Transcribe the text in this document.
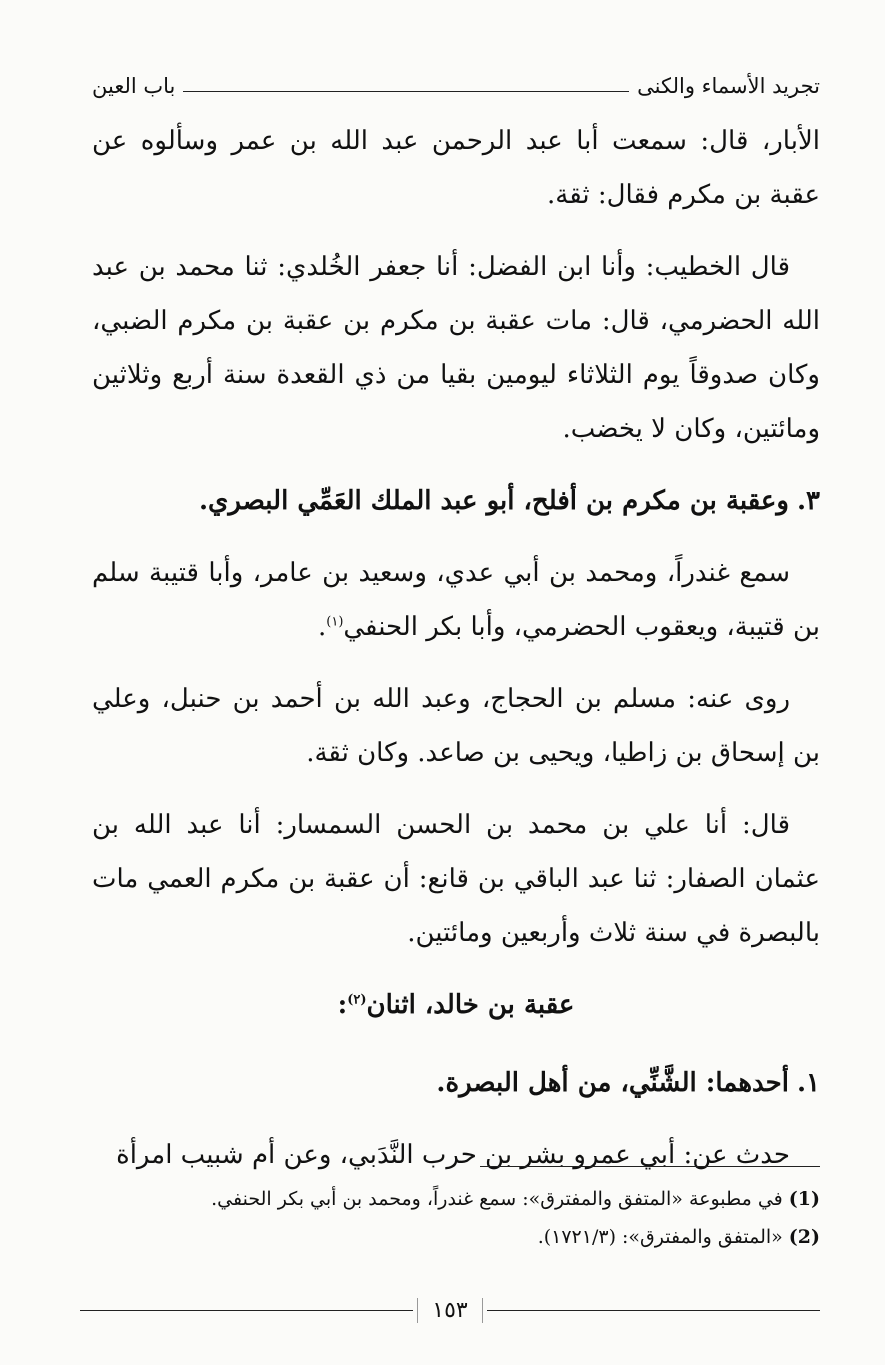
تجريد الأسماء والكنى
باب العين

الأبار، قال: سمعت أبا عبد الرحمن عبد الله بن عمر وسألوه عن عقبة بن مكرم فقال: ثقة.

قال الخطيب: وأنا ابن الفضل: أنا جعفر الخُلدي: ثنا محمد بن عبد الله الحضرمي، قال: مات عقبة بن مكرم بن عقبة بن مكرم الضبي، وكان صدوقاً يوم الثلاثاء ليومين بقيا من ذي القعدة سنة أربع وثلاثين ومائتين، وكان لا يخضب.

٣.وعقبة بن مكرم بن أفلح، أبو عبد الملك العَمِّي البصري.

سمع غندراً، ومحمد بن أبي عدي، وسعيد بن عامر، وأبا قتيبة سلم بن قتيبة، ويعقوب الحضرمي، وأبا بكر الحنفي$^{(١)}$.

روى عنه: مسلم بن الحجاج، وعبد الله بن أحمد بن حنبل، وعلي بن إسحاق بن زاطيا، ويحيى بن صاعد. وكان ثقة.

قال: أنا علي بن محمد بن الحسن السمسار: أنا عبد الله بن عثمان الصفار: ثنا عبد الباقي بن قانع: أن عقبة بن مكرم العمي مات بالبصرة في سنة ثلاث وأربعين ومائتين.

عقبة بن خالد، اثنان$^{(٢)}$:

١.أحدهما: الشَّنِّي، من أهل البصرة.

حدث عن: أبي عمرو بشر بن حرب النَّدَبي، وعن أم شبيب امرأة

(1)في مطبوعة «المتفق والمفترق»: سمع غندراً، ومحمد بن أبي بكر الحنفي.

(2)«المتفق والمفترق»: (١٧٢١/٣).

١٥٣
